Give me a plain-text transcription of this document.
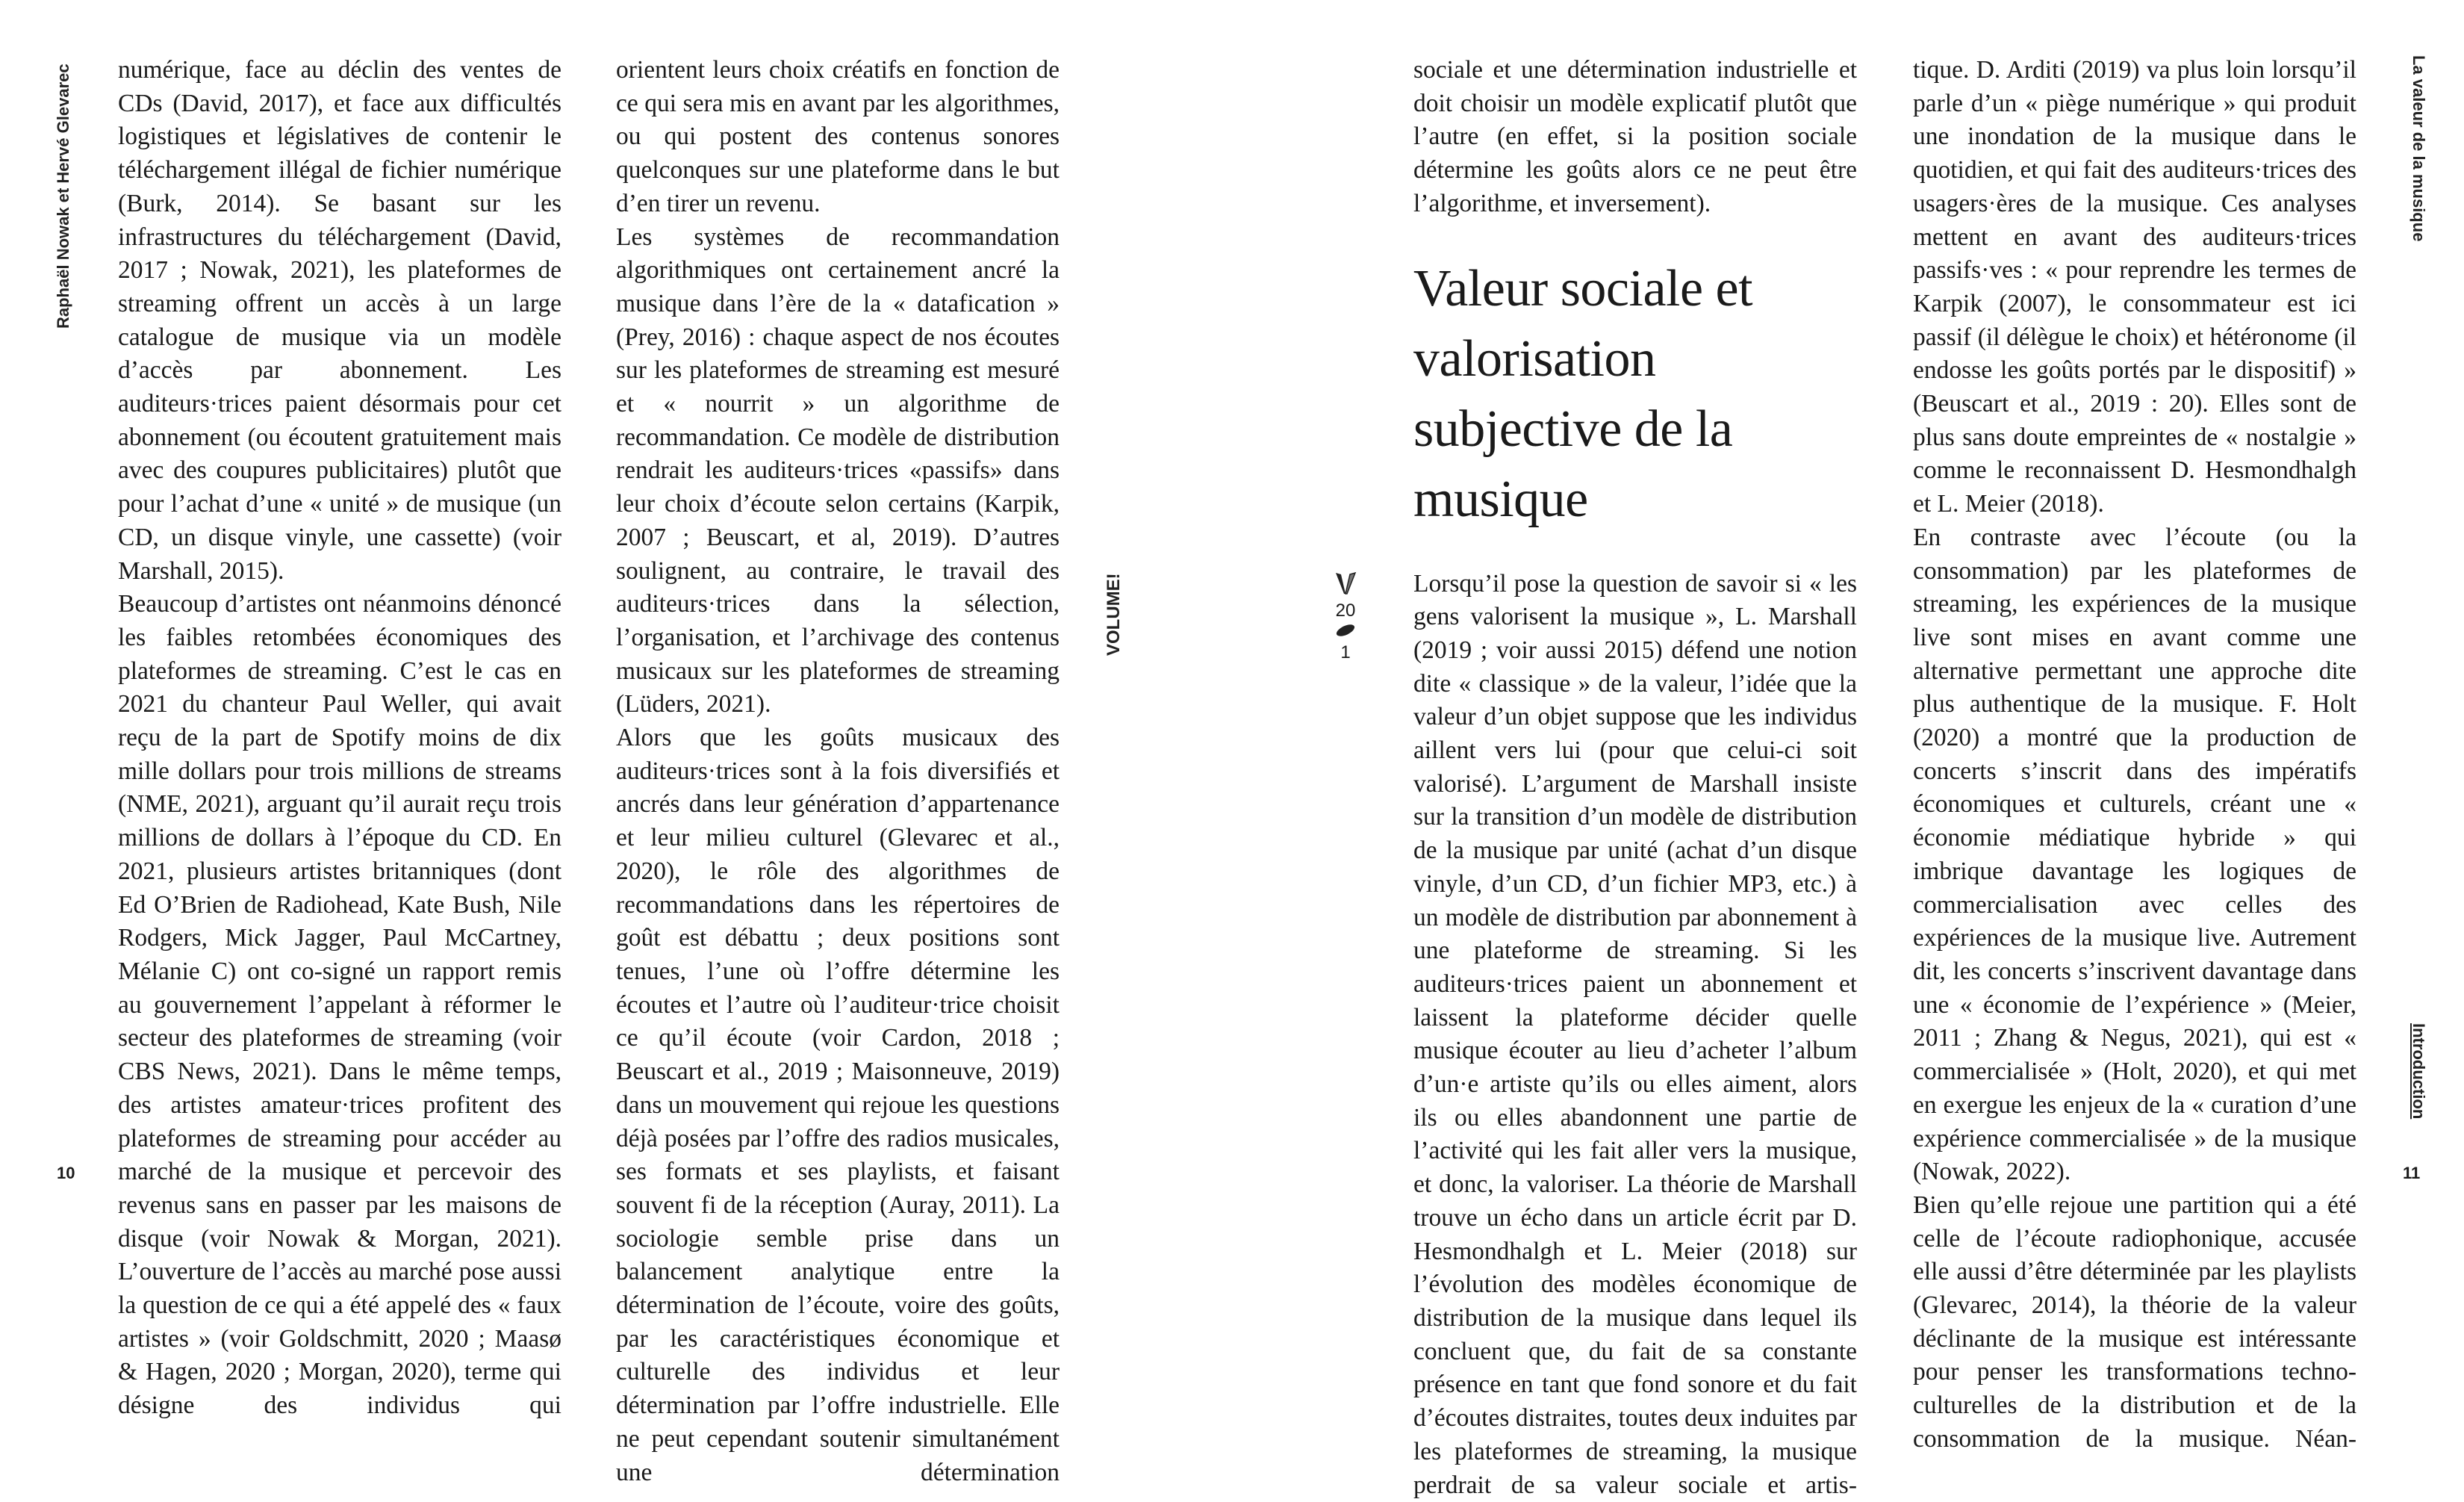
Raphaël Nowak et Hervé Glevarec numérique, face au déclin des ventes de CDs (David, 2017), et face aux difficultés logistiques et législatives de contenir le téléchargement illégal de fichier numérique (Burk, 2014). Se basant sur les infrastructures du téléchargement (David, 2017 ; Nowak, 2021), les plateformes de streaming offrent un accès à un large catalogue de musique via un modèle d’accès par abonnement. Les auditeurs·trices paient désormais pour cet abonnement (ou écoutent gratuitement mais avec des coupures publicitaires) plutôt que pour l’achat d’une « unité » de musique (un CD, un disque vinyle, une cassette) (voir Marshall, 2015).

Beaucoup d’artistes ont néanmoins dénoncé les faibles retombées économiques des plateformes de streaming. C’est le cas en 2021 du chanteur Paul Weller, qui avait reçu de la part de Spotify moins de dix mille dollars pour trois millions de streams (NME, 2021), arguant qu’il aurait reçu trois millions de dollars à l’époque du CD. En 2021, plusieurs artistes britanniques (dont Ed O’Brien de Radiohead, Kate Bush, Nile Rodgers, Mick Jagger, Paul McCartney, Mélanie C) ont co-signé un rapport remis au gouvernement l’appelant à réformer le secteur des plateformes de streaming (voir CBS News, 2021). Dans le même temps, des artistes amateur·trices profitent des plateformes de streaming pour accéder au marché de la musique et percevoir des revenus sans en passer par les maisons de disque (voir Nowak & Morgan, 2021). L’ouverture de l’accès au marché pose aussi la question de ce qui a été appelé des « faux artistes » (voir Goldschmitt, 2020 ; Maasø & Hagen, 2020 ; Morgan, 2020), terme qui désigne des individus qui

orientent leurs choix créatifs en fonction de ce qui sera mis en avant par les algorithmes, ou qui postent des contenus sonores quelconques sur une plateforme dans le but d’en tirer un revenu.

Les systèmes de recommandation algorithmiques ont certainement ancré la musique dans l’ère de la « datafication » (Prey, 2016) : chaque aspect de nos écoutes sur les plateformes de streaming est mesuré et « nourrit » un algorithme de recommandation. Ce modèle de distribution rendrait les auditeurs·trices «passifs» dans leur choix d’écoute selon certains (Karpik, 2007 ; Beuscart, et al, 2019). D’autres soulignent, au contraire, le travail des auditeurs·trices dans la sélection, l’organisation, et l’archivage des contenus musicaux sur les plateformes de streaming (Lüders, 2021).

Alors que les goûts musicaux des auditeurs·trices sont à la fois diversifiés et ancrés dans leur génération d’appartenance et leur milieu culturel (Glevarec et al., 2020), le rôle des algorithmes de recommandations dans les répertoires de goût est débattu ; deux positions sont tenues, l’une où l’offre détermine les écoutes et l’autre où l’auditeur·trice choisit ce qu’il écoute (voir Cardon, 2018 ; Beuscart et al., 2019 ; Maisonneuve, 2019) dans un mouvement qui rejoue les questions déjà posées par l’offre des radios musicales, ses formats et ses playlists, et faisant souvent fi de la réception (Auray, 2011). La sociologie semble prise dans un balancement analytique entre la détermination de l’écoute, voire des goûts, par les caractéristiques économique et culturelle des individus et leur détermination par l’offre industrielle. Elle ne peut cependant soutenir simultanément une détermination

10
VOLUME!	20
1

sociale et une détermination industrielle et doit choisir un modèle explicatif plutôt que l’autre (en effet, si la position sociale détermine les goûts alors ce ne peut être l’algorithme, et inversement).

Valeur sociale et valorisation subjective de la musique

Lorsqu’il pose la question de savoir si « les gens valorisent la musique », L. Marshall (2019 ; voir aussi 2015) défend une notion dite « classique » de la valeur, l’idée que la valeur d’un objet suppose que les individus aillent vers lui (pour que celui-ci soit valorisé). L’argument de Marshall insiste sur la transition d’un modèle de distribution de la musique par unité (achat d’un disque vinyle, d’un CD, d’un fichier MP3, etc.) à un modèle de distribution par abonnement à une plateforme de streaming. Si les auditeurs·trices paient un abonnement et laissent la plateforme décider quelle musique écouter au lieu d’acheter l’album d’un·e artiste qu’ils ou elles aiment, alors ils ou elles abandonnent une partie de l’activité qui les fait aller vers la musique, et donc, la valoriser. La théorie de Marshall trouve un écho dans un article écrit par D. Hesmondhalgh et L. Meier (2018) sur l’évolution des modèles économique de distribution de la musique dans lequel ils concluent que, du fait de sa constante présence en tant que fond sonore et du fait d’écoutes distraites, toutes deux induites par les plateformes de streaming, la musique perdrait de sa valeur sociale et artis-

tique. D. Arditi (2019) va plus loin lorsqu’il parle d’un « piège numérique » qui produit une inondation de la musique dans le quotidien, et qui fait des auditeurs·trices des usagers·ères de la musique. Ces analyses mettent en avant des auditeurs·trices passifs·ves : « pour reprendre les termes de Karpik (2007), le consommateur est ici passif (il délègue le choix) et hétéronome (il endosse les goûts portés par le dispositif) » (Beuscart et al., 2019 : 20). Elles sont de plus sans doute empreintes de « nostalgie » comme le reconnaissent D. Hesmondhalgh et L. Meier (2018).

En contraste avec l’écoute (ou la consommation) par les plateformes de streaming, les expériences de la musique live sont mises en avant comme une alternative permettant une approche dite plus authentique de la musique. F. Holt (2020) a montré que la production de concerts s’inscrit dans des impératifs économiques et culturels, créant une « économie médiatique hybride » qui imbrique davantage les logiques de commercialisation avec celles des expériences de la musique live. Autrement dit, les concerts s’inscrivent davantage dans une « économie de l’expérience » (Meier, 2011 ; Zhang & Negus, 2021), qui est « commercialisée » (Holt, 2020), et qui met en exergue les enjeux de la « curation d’une expérience commercialisée » de la musique (Nowak, 2022).

Bien qu’elle rejoue une partition qui a été celle de l’écoute radiophonique, accusée elle aussi d’être déterminée par les playlists (Glevarec, 2014), la théorie de la valeur déclinante de la musique est intéressante pour penser les transformations techno-culturelles de la distribution et de la consommation de la musique. Néan-

La valeur de la musique
Introduction
11
